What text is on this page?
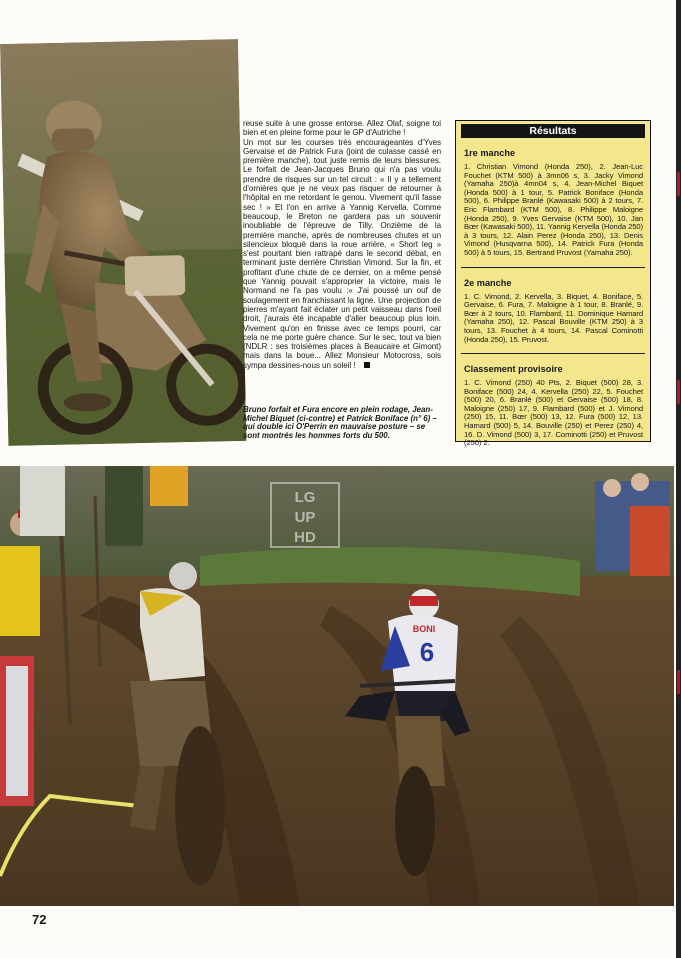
reuse suite à une grosse entorse. Allez Olaf, soigne toi bien et en pleine forme pour le GP d'Autriche !

Un mot sur les courses très encourageantes d'Yves Gervaise et de Patrick Fura (joint de culasse cassé en première manche), tout juste remis de leurs blessures. Le forfait de Jean-Jacques Bruno qui n'a pas voulu prendre de risques sur un tel circuit : « Il y a tellement d'ornières que je ne veux pas risquer de retourner à l'hôpital en me retordant le genou. Vivement qu'il fasse sec ! » Et l'on en arrive à Yannig Kervella. Comme beaucoup, le Breton ne gardera pas un souvenir inoubliable de l'épreuve de Tilly. Onzième de la première manche, après de nombreuses chutes et un silencieux bloqué dans la roue arrière, « Short leg » s'est pourtant bien rattrapé dans le second débat, en terminant juste derrière Christian Vimond. Sur la fin, et profitant d'une chute de ce dernier, on a même pensé que Yannig pouvait s'approprier la victoire, mais le Normand ne l'a pas voulu :« J'ai poussé un ouf de soulagement en franchissant la ligne. Une projection de pierres m'ayant fait éclater un petit vaisseau dans l'oeil droit, j'aurais été incapable d'aller beaucoup plus loin. Vivement qu'on en finisse avec ce temps pourri, car cela ne me porte guère chance. Sur le sec, tout va bien (NDLR : ses troisièmes places à Beaucaire et Gimont) mais dans la boue... Allez Monsieur Motocross, sois sympa dessines-nous un soleil !

Bruno forfait et Fura encore en plein rodage, Jean-Michel Biquet (ci-contre) et Patrick Boniface (n° 6) – qui double ici O'Perrin en mauvaise posture – se sont montrés les hommes forts du 500.
Résultats
1re manche
1. Christian Vimond (Honda 250), 2. Jean-Luc Fouchet (KTM 500) à 3mn06 s, 3. Jacky Vimond (Yamaha 250)à 4mn04 s, 4. Jean-Michel Biquet (Honda 500) à 1 tour, 5. Patrick Boniface (Honda 500), 6. Philippe Branlé (Kawasaki 500) à 2 tours, 7. Eric Flambard (KTM 500), 8. Philippe Maloigne (Honda 250), 9. Yves Gervaise (KTM 500), 10. Jan Bœr (Kawasaki 500), 11. Yannig Kervella (Honda 250) à 3 tours, 12. Alain Perez (Honda 250), 13. Denis Vimond (Husqvarna 500), 14. Patrick Fura (Honda 500) à 5 tours, 15. Bertrand Pruvost (Yamaha 250).
2e manche
1. C. Vimond, 2. Kervella, 3. Biquet, 4. Boniface, 5. Gervaise, 6. Fura, 7. Maloigne à 1 tour, 8. Branlé, 9. Bœr à 2 tours, 10. Flambard, 11. Dominique Hamard (Yamaha 250), 12. Pascal Bouville (KTM 250) à 3 tours, 13. Fouchet à 4 tours, 14. Pascal Cominotti (Honda 250), 15. Pruvost.
Classement provisoire
1. C. Vimond (250) 40 Pts, 2. Biquet (500) 28, 3. Boniface (500) 24, 4. Kervella (250) 22, 5. Fouchet (500) 20, 6. Branlé (500) et Gervaise (500) 18, 8. Maloigne (250) 17, 9. Flambard (500) et J. Vimond (250) 15, 11. Bœr (500) 13, 12. Fura (500) 12, 13. Hamard (500) 5, 14. Bouville (250) et Perez (250) 4, 16. D. Vimond (500) 3, 17. Cominotti (250) et Pruvost (250) 2.
6
BONI
LG
UP
HD
72
